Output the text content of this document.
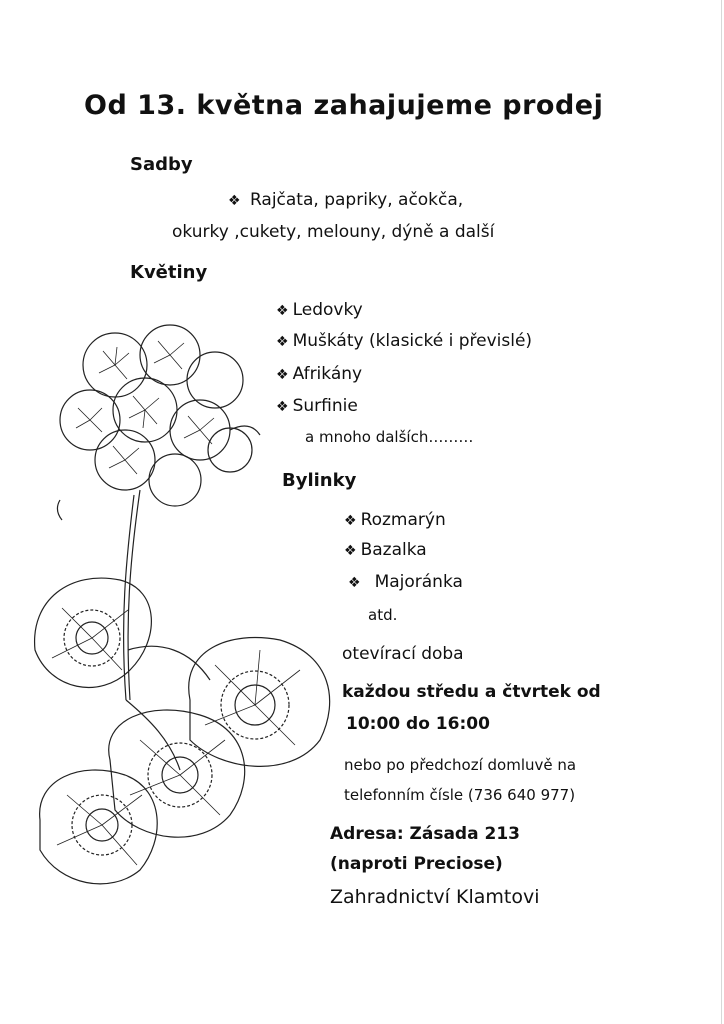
Od 13. května zahajujeme prodej
Sadby
❖ Rajčata, papriky, ačokča,
okurky ,cukety, melouny, dýně a další
Květiny
❖ Ledovky
❖ Muškáty (klasické i převislé)
❖ Afrikány
❖ Surfinie
a mnoho dalších………
Bylinky
❖ Rozmarýn
❖ Bazalka
❖ Majoránka
atd.
otevírací doba
každou středu a čtvrtek od
10:00 do 16:00
nebo po předchozí domluvě na
telefonním čísle (736 640 977)
Adresa: Zásada 213
(naproti Preciose)
Zahradnictví Klamtovi
